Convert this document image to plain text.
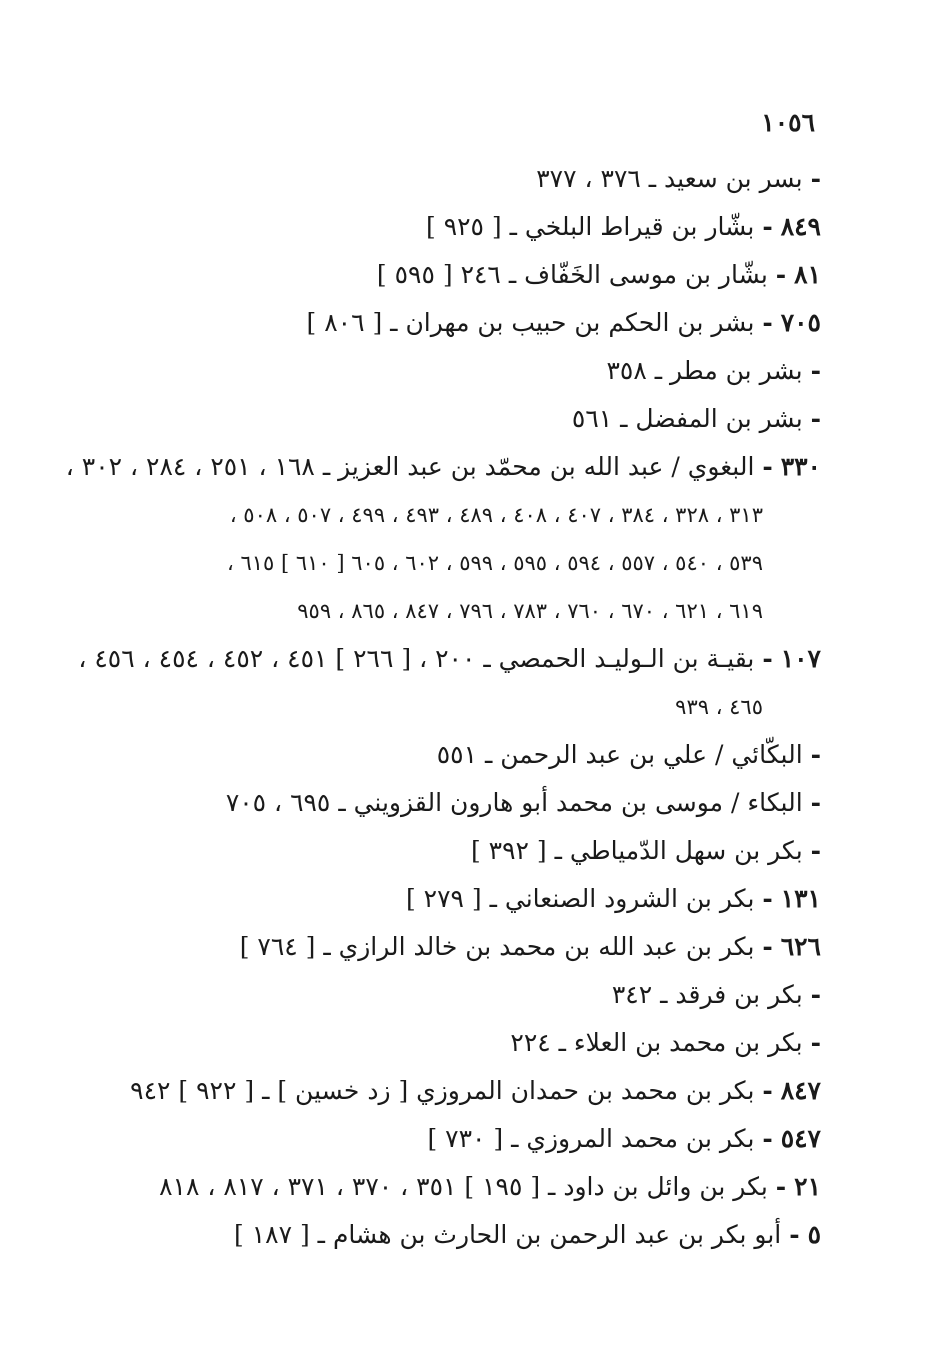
١٠٥٦
- بسر بن سعيد ـ ٣٧٦ ، ٣٧٧
٨٤٩ - بشّار بن قيراط البلخي ـ [ ٩٢٥ ]
٨١ - بشّار بن موسى الخَفّاف ـ ٢٤٦ [ ٥٩٥ ]
٧٠٥ - بشر بن الحكم بن حبيب بن مهران ـ [ ٨٠٦ ]
- بشر بن مطر ـ ٣٥٨
- بشر بن المفضل ـ ٥٦١
٣٣٠ - البغوي / عبد الله بن محمّد بن عبد العزيز ـ ١٦٨ ، ٢٥١ ، ٢٨٤ ، ٣٠٢ ،
٣١٣ ، ٣٢٨ ، ٣٨٤ ، ٤٠٧ ، ٤٠٨ ، ٤٨٩ ، ٤٩٣ ، ٤٩٩ ، ٥٠٧ ، ٥٠٨ ،
٥٣٩ ، ٥٤٠ ، ٥٥٧ ، ٥٩٤ ، ٥٩٥ ، ٥٩٩ ، ٦٠٢ ، ٦٠٥ [ ٦١٠ ] ٦١٥ ،
٦١٩ ، ٦٢١ ، ٦٧٠ ، ٧٦٠ ، ٧٨٣ ، ٧٩٦ ، ٨٤٧ ، ٨٦٥ ، ٩٥٩
١٠٧ - بقيـة بن الـوليـد الحمصي ـ ٢٠٠ ، [ ٢٦٦ ] ٤٥١ ، ٤٥٢ ، ٤٥٤ ، ٤٥٦ ،
٤٦٥ ، ٩٣٩
- البكّائي / علي بن عبد الرحمن ـ ٥٥١
- البكاء / موسى بن محمد أبو هارون القزويني ـ ٦٩٥ ، ٧٠٥
- بكر بن سهل الدّمياطي ـ [ ٣٩٢ ]
١٣١ - بكر بن الشرود الصنعاني ـ [ ٢٧٩ ]
٦٢٦ - بكر بن عبد الله بن محمد بن خالد الرازي ـ [ ٧٦٤ ]
- بكر بن فرقد ـ ٣٤٢
- بكر بن محمد بن العلاء ـ ٢٢٤
٨٤٧ - بكر بن محمد بن حمدان المروزي [ زد خسين ] ـ [ ٩٢٢ ] ٩٤٢
٥٤٧ - بكر بن محمد المروزي ـ [ ٧٣٠ ]
٢١ - بكر بن وائل بن داود ـ [ ١٩٥ ] ٣٥١ ، ٣٧٠ ، ٣٧١ ، ٨١٧ ، ٨١٨
٥ - أبو بكر بن عبد الرحمن بن الحارث بن هشام ـ [ ١٨٧ ]
